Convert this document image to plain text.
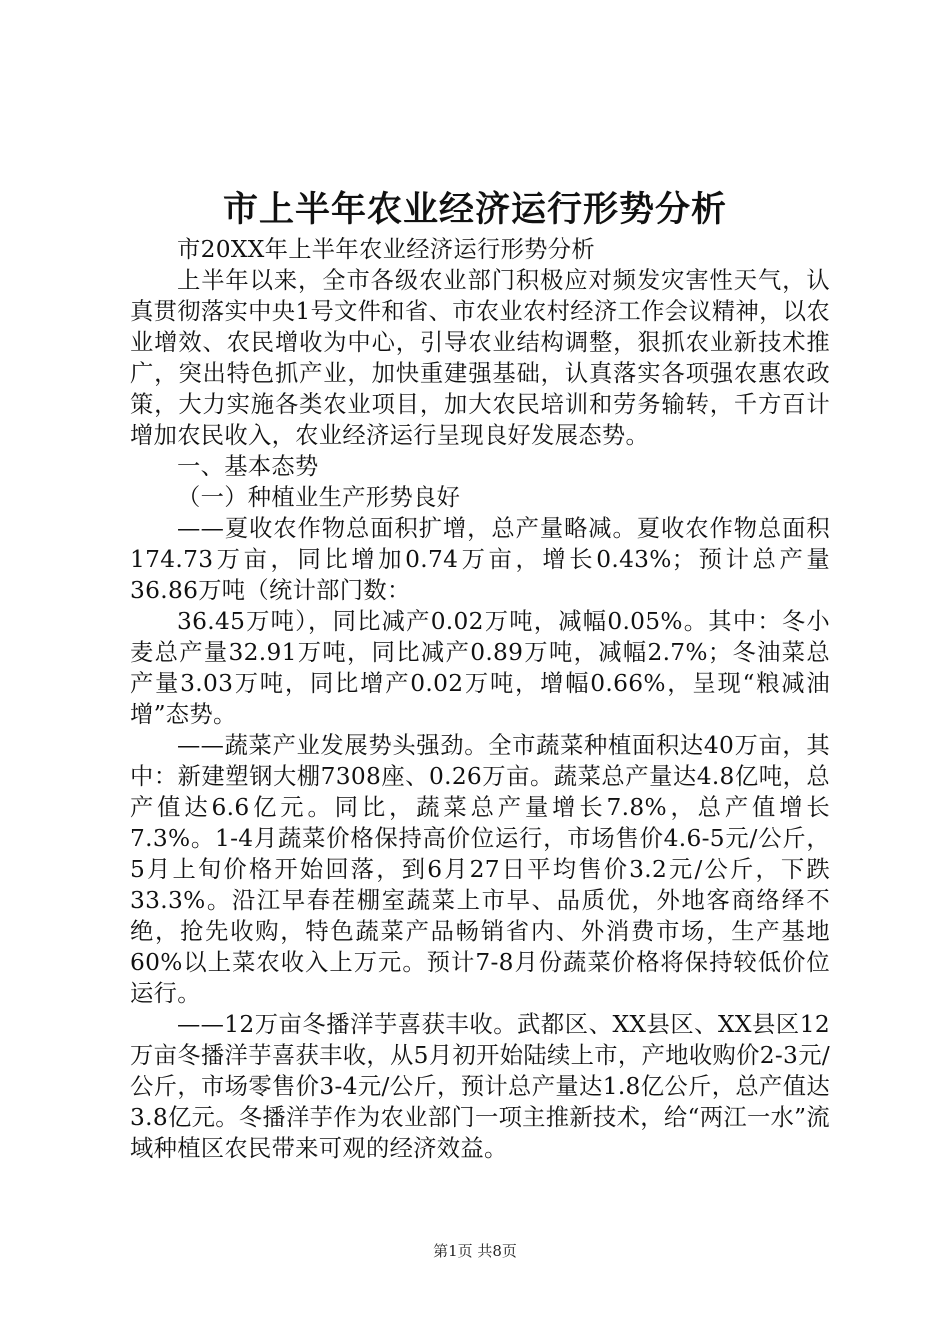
市上半年农业经济运行形势分析

市20XX年上半年农业经济运行形势分析

上半年以来，全市各级农业部门积极应对频发灾害性天气，认真贯彻落实中央1号文件和省、市农业农村经济工作会议精神，以农业增效、农民增收为中心，引导农业结构调整，狠抓农业新技术推广，突出特色抓产业，加快重建强基础，认真落实各项强农惠农政策，大力实施各类农业项目，加大农民培训和劳务输转，千方百计增加农民收入，农业经济运行呈现良好发展态势。

一、基本态势

（一）种植业生产形势良好

——夏收农作物总面积扩增，总产量略减。夏收农作物总面积174.73万亩，同比增加0.74万亩，增长0.43%；预计总产量36.86万吨（统计部门数：

36.45万吨），同比减产0.02万吨，减幅0.05%。其中：冬小麦总产量32.91万吨，同比减产0.89万吨，减幅2.7%；冬油菜总产量3.03万吨，同比增产0.02万吨，增幅0.66%，呈现“粮减油增”态势。

——蔬菜产业发展势头强劲。全市蔬菜种植面积达40万亩，其中：新建塑钢大棚7308座、0.26万亩。蔬菜总产量达4.8亿吨，总产值达6.6亿元。同比，蔬菜总产量增长7.8%，总产值增长7.3%。1-4月蔬菜价格保持高价位运行，市场售价4.6-5元/公斤，5月上旬价格开始回落，到6月27日平均售价3.2元/公斤，下跌33.3%。沿江早春茬棚室蔬菜上市早、品质优，外地客商络绎不绝，抢先收购，特色蔬菜产品畅销省内、外消费市场，生产基地60%以上菜农收入上万元。预计7-8月份蔬菜价格将保持较低价位运行。

——12万亩冬播洋芋喜获丰收。武都区、XX县区、XX县区12万亩冬播洋芋喜获丰收，从5月初开始陆续上市，产地收购价2-3元/公斤，市场零售价3-4元/公斤，预计总产量达1.8亿公斤，总产值达3.8亿元。冬播洋芋作为农业部门一项主推新技术，给“两江一水”流域种植区农民带来可观的经济效益。

第1页 共8页
